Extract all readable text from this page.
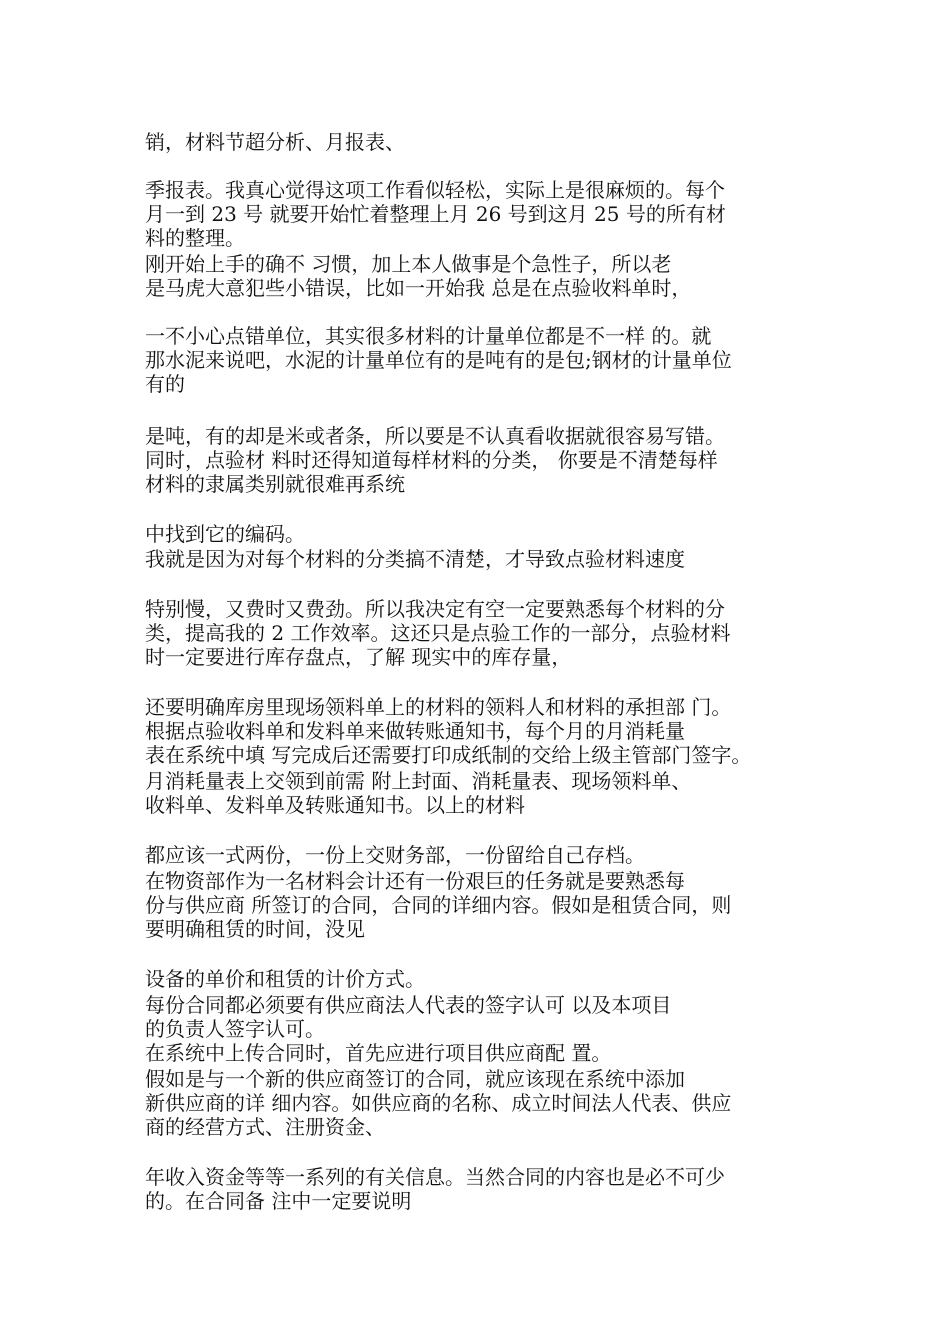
销，材料节超分析、月报表、
季报表。我真心觉得这项工作看似轻松，实际上是很麻烦的。每个
月一到 23 号 就要开始忙着整理上月 26 号到这月 25 号的所有材
料的整理。
刚开始上手的确不 习惯，加上本人做事是个急性子，所以老
是马虎大意犯些小错误，比如一开始我 总是在点验收料单时，
一不小心点错单位，其实很多材料的计量单位都是不一样 的。就
那水泥来说吧，水泥的计量单位有的是吨有的是包;钢材的计量单位
有的
是吨，有的却是米或者条，所以要是不认真看收据就很容易写错。
同时，点验材 料时还得知道每样材料的分类， 你要是不清楚每样
材料的隶属类别就很难再系统
中找到它的编码。
我就是因为对每个材料的分类搞不清楚，才导致点验材料速度
特别慢，又费时又费劲。所以我决定有空一定要熟悉每个材料的分
类，提高我的 2 工作效率。这还只是点验工作的一部分，点验材料
时一定要进行库存盘点，了解 现实中的库存量，
还要明确库房里现场领料单上的材料的领料人和材料的承担部 门。
根据点验收料单和发料单来做转账通知书，每个月的月消耗量
表在系统中填 写完成后还需要打印成纸制的交给上级主管部门签字。
月消耗量表上交领到前需 附上封面、消耗量表、现场领料单、
收料单、发料单及转账通知书。以上的材料
都应该一式两份，一份上交财务部，一份留给自己存档。
在物资部作为一名材料会计还有一份艰巨的任务就是要熟悉每
份与供应商 所签订的合同，合同的详细内容。假如是租赁合同，则
要明确租赁的时间，没见
设备的单价和租赁的计价方式。
每份合同都必须要有供应商法人代表的签字认可 以及本项目
的负责人签字认可。
在系统中上传合同时，首先应进行项目供应商配 置。
假如是与一个新的供应商签订的合同，就应该现在系统中添加
新供应商的详 细内容。如供应商的名称、成立时间法人代表、供应
商的经营方式、注册资金、
年收入资金等等一系列的有关信息。当然合同的内容也是必不可少
的。在合同备 注中一定要说明
